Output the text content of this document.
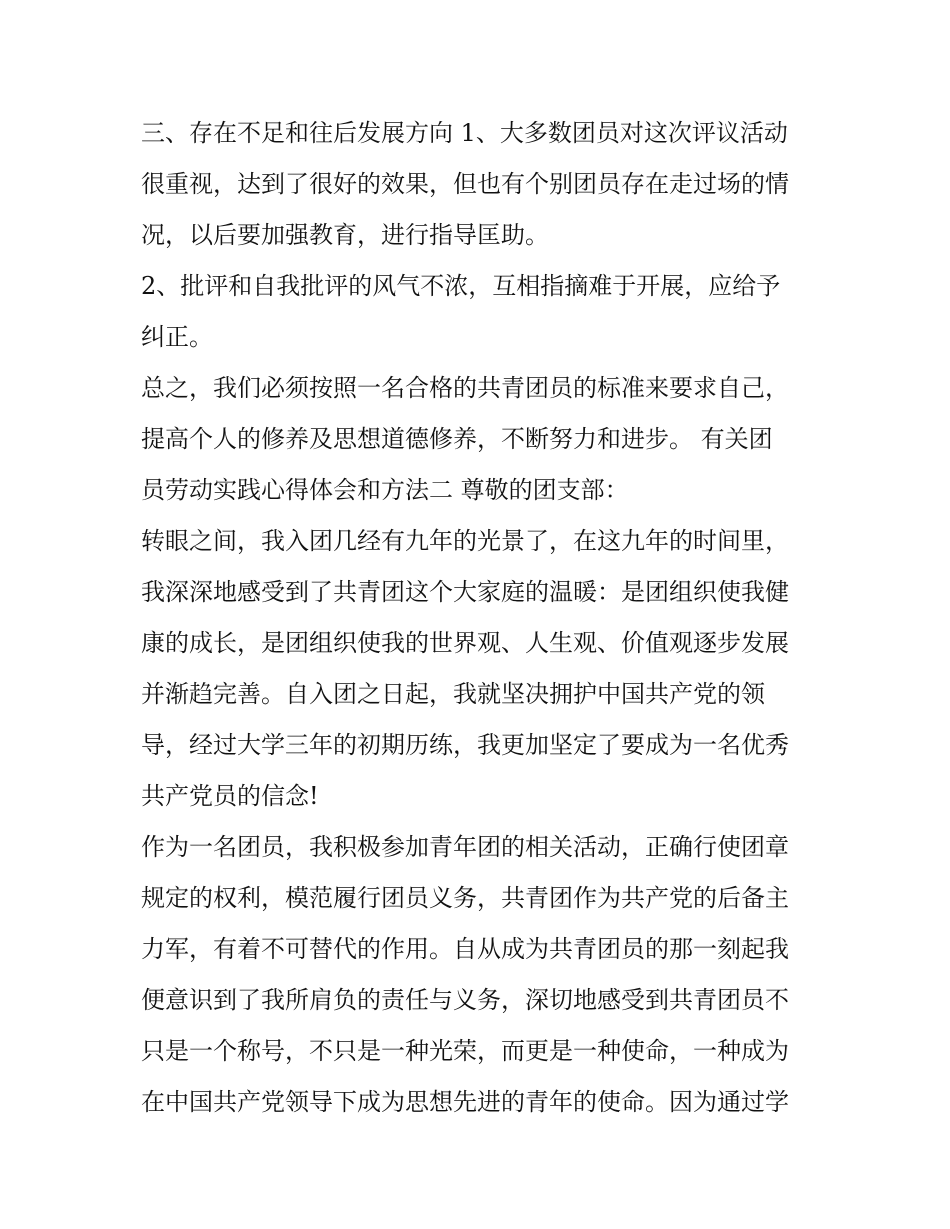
三、存在不足和往后发展方向 1、大多数团员对这次评议活动
很重视，达到了很好的效果，但也有个别团员存在走过场的情
况，以后要加强教育，进行指导匡助。

2、批评和自我批评的风气不浓，互相指摘难于开展，应给予
纠正。

总之，我们必须按照一名合格的共青团员的标准来要求自己，
提高个人的修养及思想道德修养，不断努力和进步。 有关团
员劳动实践心得体会和方法二 尊敬的团支部：

转眼之间，我入团几经有九年的光景了，在这九年的时间里，
我深深地感受到了共青团这个大家庭的温暖：是团组织使我健
康的成长，是团组织使我的世界观、人生观、价值观逐步发展
并渐趋完善。自入团之日起，我就坚决拥护中国共产党的领
导，经过大学三年的初期历练，我更加坚定了要成为一名优秀
共产党员的信念!

作为一名团员，我积极参加青年团的相关活动，正确行使团章
规定的权利，模范履行团员义务，共青团作为共产党的后备主
力军，有着不可替代的作用。自从成为共青团员的那一刻起我
便意识到了我所肩负的责任与义务，深切地感受到共青团员不
只是一个称号，不只是一种光荣，而更是一种使命，一种成为
在中国共产党领导下成为思想先进的青年的使命。因为通过学
